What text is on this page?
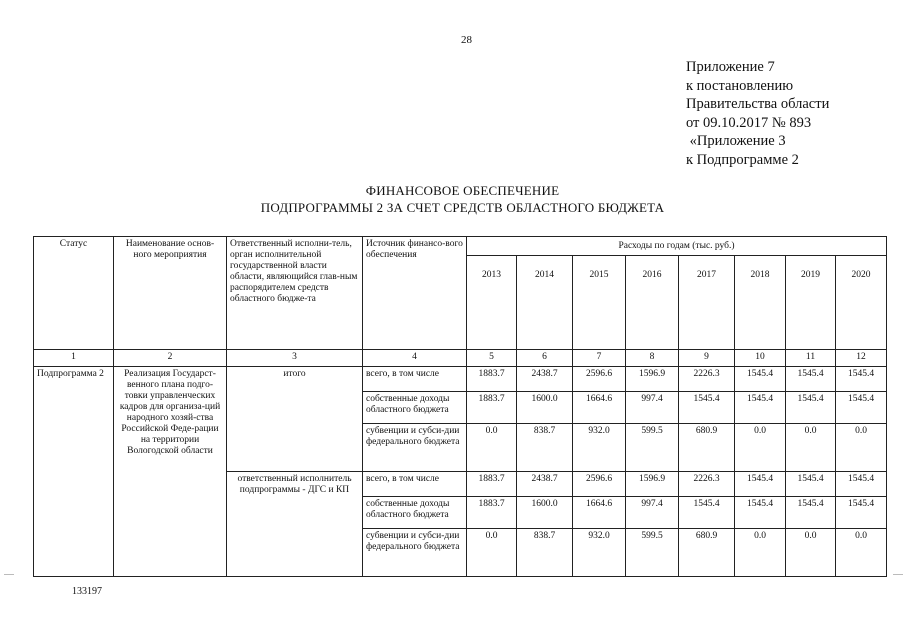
28
Приложение 7
к постановлению
Правительства области
от 09.10.2017 № 893
«Приложение 3
к Подпрограмме 2
ФИНАНСОВОЕ ОБЕСПЕЧЕНИЕ
ПОДПРОГРАММЫ 2 ЗА СЧЕТ СРЕДСТВ ОБЛАСТНОГО БЮДЖЕТА
Статус	Наименование основ-ного мероприятия	Ответственный исполни-тель, орган исполнительной государственной власти области, являющийся глав-ным распорядителем средств областного бюдже-та	Источник финансо-вого обеспечения	Расходы по годам (тыс. руб.)							
				2013	2014	2015	2016	2017	2018	2019	2020
1	2	3	4	5	6	7	8	9	10	11	12
Подпрограмма 2	Реализация Государст-венного плана подго-товки управленческих кадров для организа-ций народного хозяй-ства Российской Феде-рации на территории Вологодской области	итого	всего, в том числе	1883.7	2438.7	2596.6	1596.9	2226.3	1545.4	1545.4	1545.4
			собственные доходы областного бюджета	1883.7	1600.0	1664.6	997.4	1545.4	1545.4	1545.4	1545.4
			субвенции и субси-дии федерального бюджета	0.0	838.7	932.0	599.5	680.9	0.0	0.0	0.0
		ответственный исполнитель подпрограммы - ДГС и КП	всего, в том числе	1883.7	2438.7	2596.6	1596.9	2226.3	1545.4	1545.4	1545.4
			собственные доходы областного бюджета	1883.7	1600.0	1664.6	997.4	1545.4	1545.4	1545.4	1545.4
			субвенции и субси-дии федерального бюджета	0.0	838.7	932.0	599.5	680.9	0.0	0.0	0.0
133197
